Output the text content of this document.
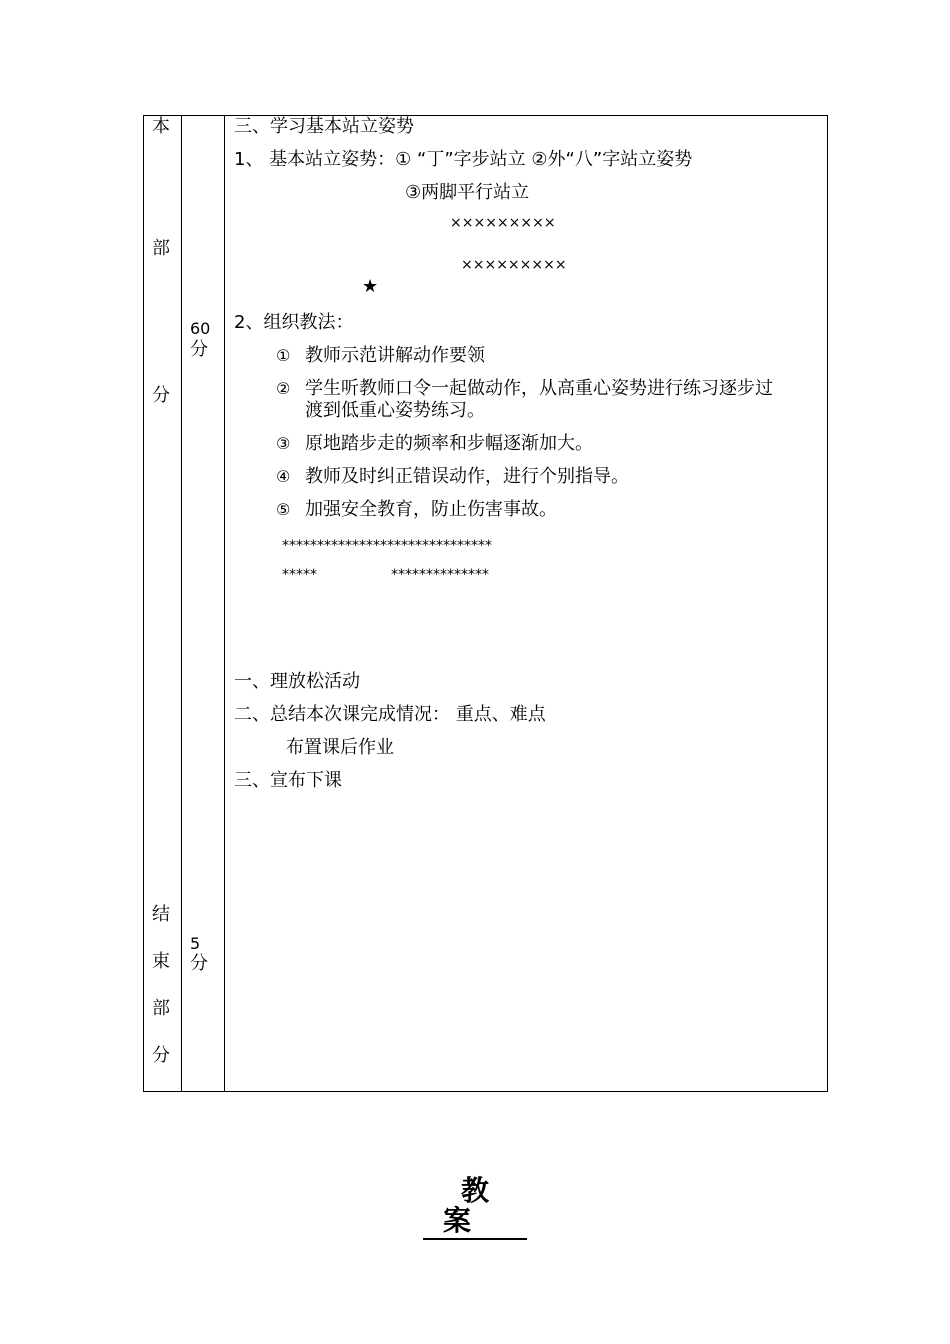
本
部
分
结
束
部
分
60
分
5
分
三、学习基本站立姿势
1、 基本站立姿势：① “丁”字步站立 ②外“八”字站立姿势
③两脚平行站立
×××××××××
×××××××××
★
2、组织教法：
① 教师示范讲解动作要领
② 学生听教师口令一起做动作，从高重心姿势进行练习逐步过
渡到低重心姿势练习。
③ 原地踏步走的频率和步幅逐渐加大。
④ 教师及时纠正错误动作，进行个别指导。
⑤ 加强安全教育，防止伤害事故。
******************************
*****	**************
一、理放松活动
二、总结本次课完成情况： 重点、难点
布置课后作业
三、宣布下课
教案
